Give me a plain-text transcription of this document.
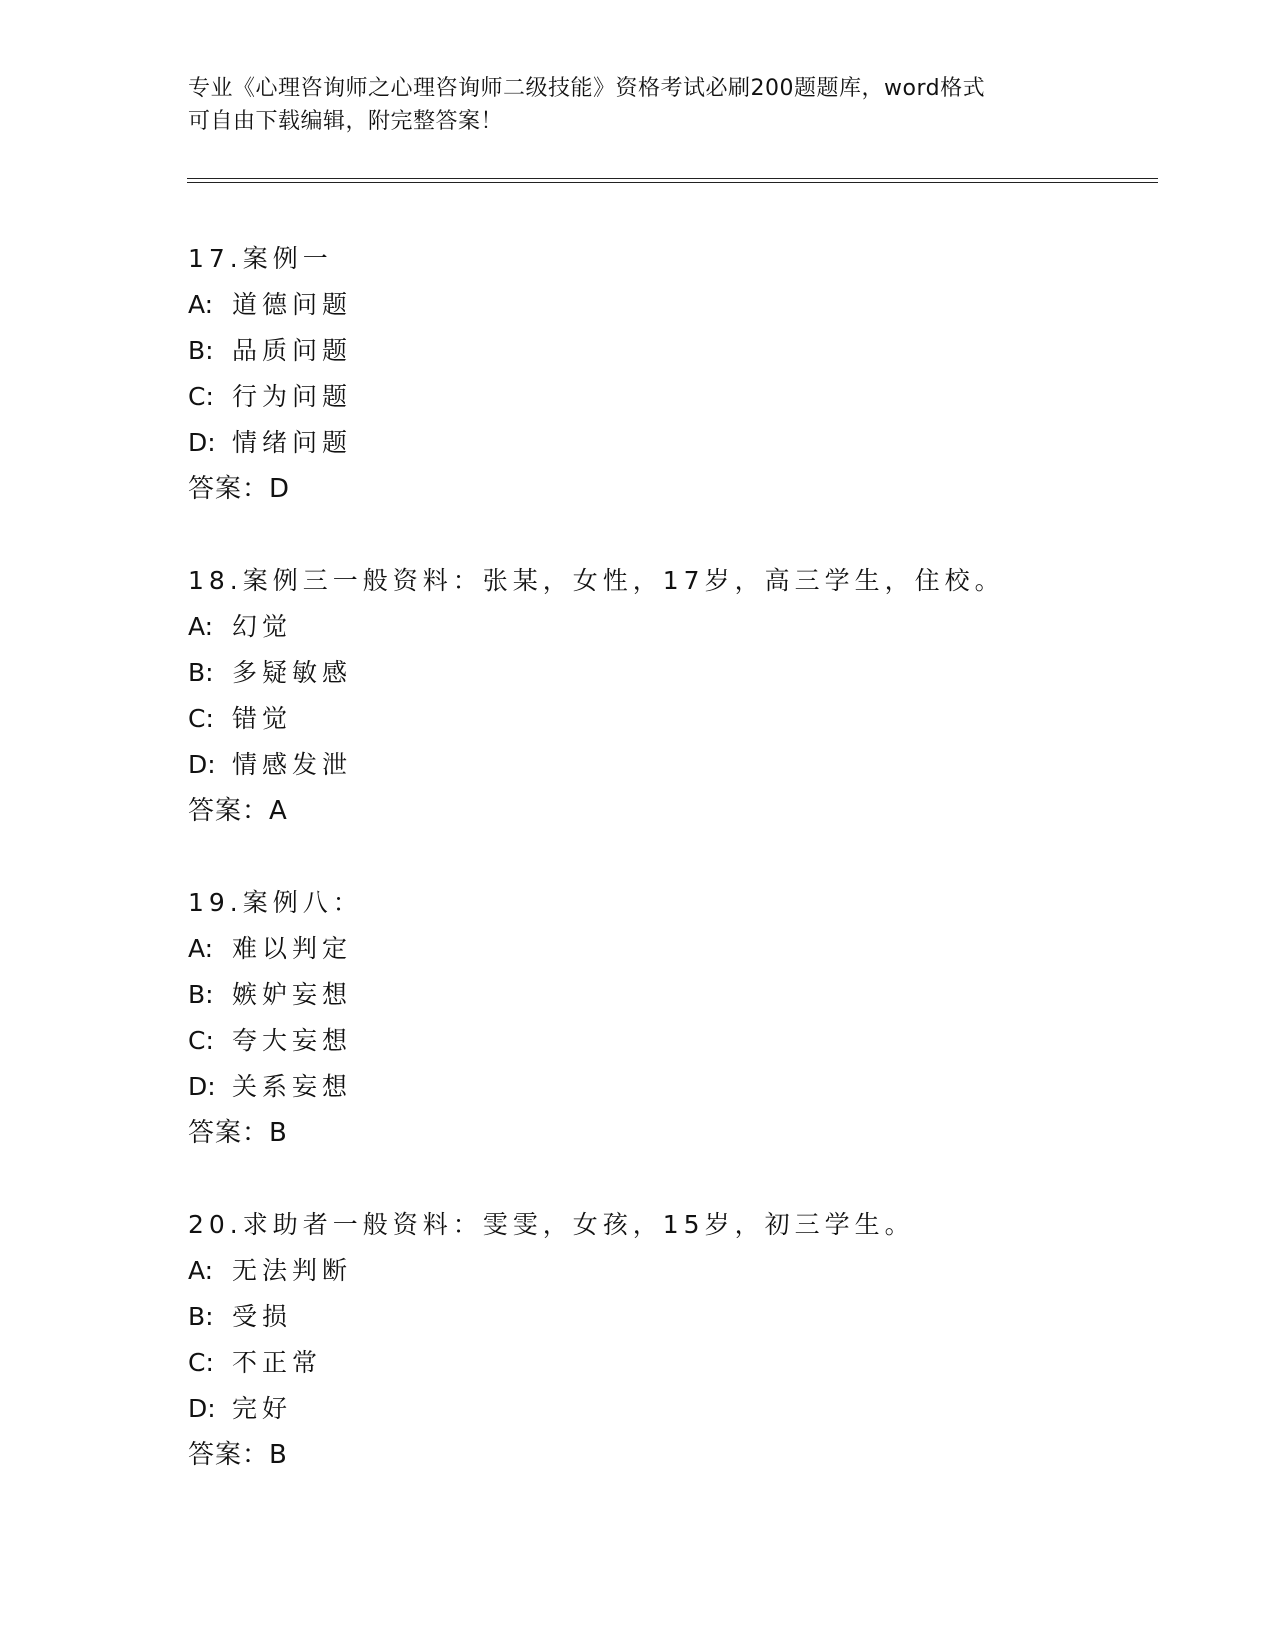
专业《心理咨询师之心理咨询师二级技能》资格考试必刷200题题库，word格式
可自由下载编辑，附完整答案！
17.案例一
A: 道德问题
B: 品质问题
C: 行为问题
D: 情绪问题
答案：D
18.案例三一般资料：张某，女性，17岁，高三学生，住校。
A: 幻觉
B: 多疑敏感
C: 错觉
D: 情感发泄
答案：A
19.案例八：
A: 难以判定
B: 嫉妒妄想
C: 夸大妄想
D: 关系妄想
答案：B
20.求助者一般资料：雯雯，女孩，15岁，初三学生。
A: 无法判断
B: 受损
C: 不正常
D: 完好
答案：B
